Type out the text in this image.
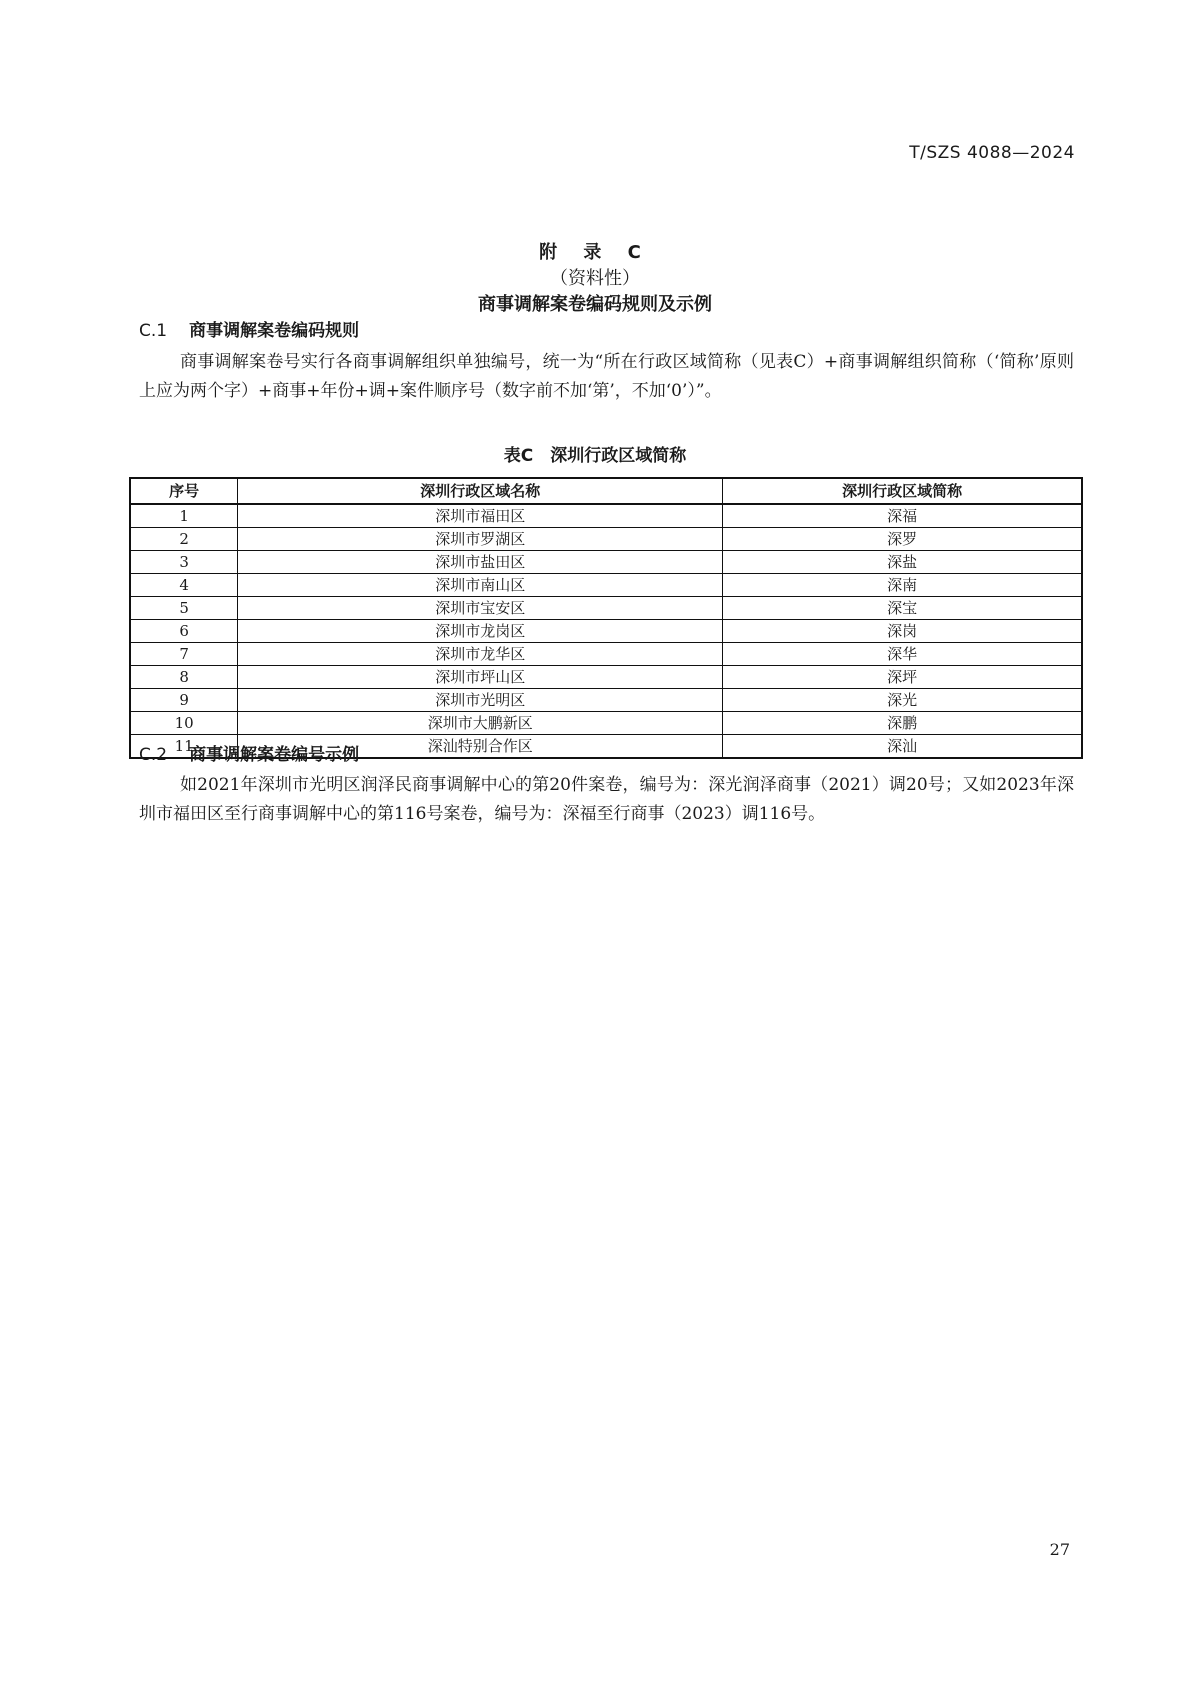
T/SZS 4088—2024
附 录 C
（资料性）
商事调解案卷编码规则及示例
C.1 商事调解案卷编码规则
商事调解案卷号实行各商事调解组织单独编号，统一为“所在行政区域简称（见表C）+商事调解组织简称（‘简称’原则上应为两个字）+商事+年份+调+案件顺序号（数字前不加‘第’，不加‘0’）”。
表C　深圳行政区域简称
序号	深圳行政区域名称	深圳行政区域简称
1	深圳市福田区	深福
2	深圳市罗湖区	深罗
3	深圳市盐田区	深盐
4	深圳市南山区	深南
5	深圳市宝安区	深宝
6	深圳市龙岗区	深岗
7	深圳市龙华区	深华
8	深圳市坪山区	深坪
9	深圳市光明区	深光
10	深圳市大鹏新区	深鹏
11	深汕特别合作区	深汕
C.2 商事调解案卷编号示例
如2021年深圳市光明区润泽民商事调解中心的第20件案卷，编号为：深光润泽商事（2021）调20号；又如2023年深圳市福田区至行商事调解中心的第116号案卷，编号为：深福至行商事（2023）调116号。
27
